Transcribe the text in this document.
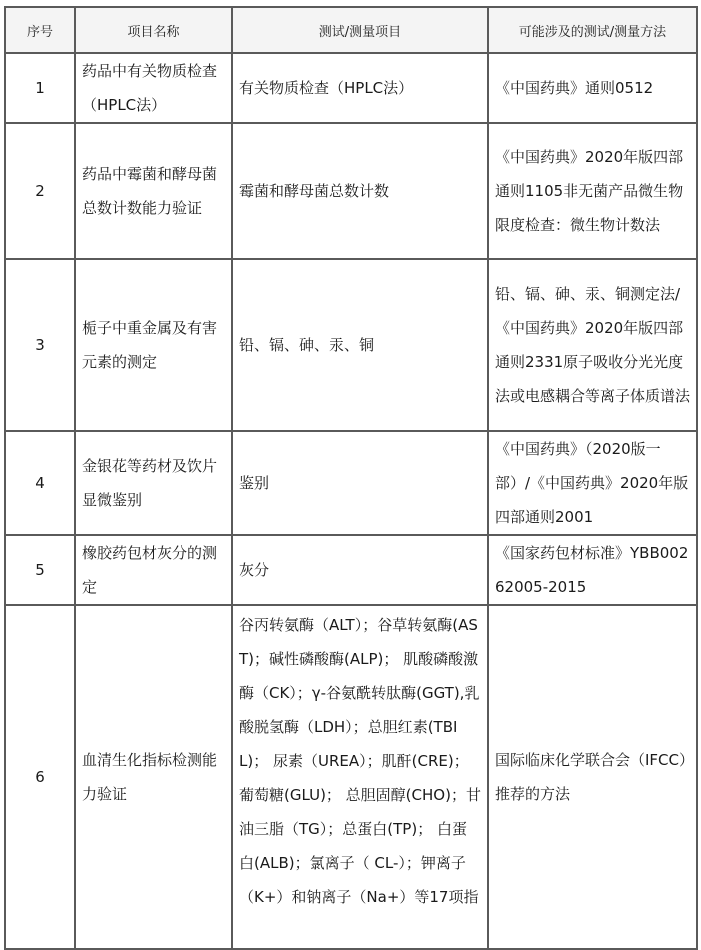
序号	项目名称	测试/测量项目	可能涉及的测试/测量方法
1	药品中有关物质检查（HPLC法）	有关物质检查（HPLC法）	《中国药典》通则0512
2	药品中霉菌和酵母菌总数计数能力验证	霉菌和酵母菌总数计数	《中国药典》2020年版四部通则1105非无菌产品微生物限度检查：微生物计数法
3	栀子中重金属及有害元素的测定	铅、镉、砷、汞、铜	铅、镉、砷、汞、铜测定法/《中国药典》2020年版四部通则2331原子吸收分光光度法或电感耦合等离子体质谱法
4	金银花等药材及饮片显微鉴别	鉴别	《中国药典》（2020版一部）/《中国药典》2020年版四部通则2001
5	橡胶药包材灰分的测定	灰分	《国家药包材标准》YBB00262005-2015
6	血清生化指标检测能力验证	谷丙转氨酶（ALT）；谷草转氨酶(AST)；碱性磷酸酶(ALP)； 肌酸磷酸激酶（CK）；γ-谷氨酰转肽酶(GGT),乳酸脱氢酶（LDH）；总胆红素(TBIL)； 尿素（UREA）；肌酐(CRE)； 葡萄糖(GLU)； 总胆固醇(CHO)；甘油三脂（TG）；总蛋白(TP)； 白蛋白(ALB)；氯离子（ CL-）；钾离子（K+）和钠离子（Na+）等17项指	国际临床化学联合会（IFCC）推荐的方法
